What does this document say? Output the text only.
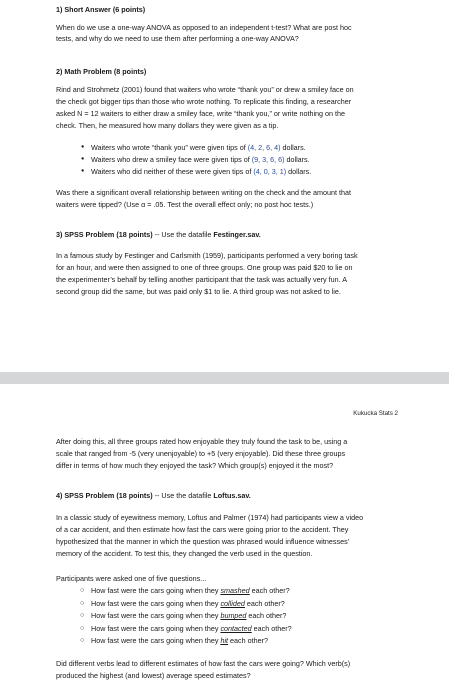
1) Short Answer (6 points)

When do we use a one-way ANOVA as opposed to an independent t-test? What are post hoc

tests, and why do we need to use them after performing a one-way ANOVA?

2) Math Problem (8 points)

Rind and Strohmetz (2001) found that waiters who wrote “thank you” or drew a smiley face on

the check got bigger tips than those who wrote nothing. To replicate this finding, a researcher

asked N = 12 waiters to either draw a smiley face, write “thank you,” or write nothing on the

check. Then, he measured how many dollars they were given as a tip.

● Waiters who wrote “thank you” were given tips of (4, 2, 6, 4) dollars.
● Waiters who drew a smiley face were given tips of (9, 3, 6, 6) dollars.
● Waiters who did neither of these were given tips of (4, 0, 3, 1) dollars.

Was there a significant overall relationship between writing on the check and the amount that

waiters were tipped? (Use α = .05. Test the overall effect only; no post hoc tests.)

3) SPSS Problem (18 points) -- Use the datafile Festinger.sav.

In a famous study by Festinger and Carlsmith (1959), participants performed a very boring task

for an hour, and were then assigned to one of three groups. One group was paid $20 to lie on

the experimenter’s behalf by telling another participant that the task was actually very fun. A

second group did the same, but was paid only $1 to lie. A third group was not asked to lie.

Kukucka Stats 2

After doing this, all three groups rated how enjoyable they truly found the task to be, using a

scale that ranged from -5 (very unenjoyable) to +5 (very enjoyable). Did these three groups

differ in terms of how much they enjoyed the task? Which group(s) enjoyed it the most?

4) SPSS Problem (18 points) -- Use the datafile Loftus.sav.

In a classic study of eyewitness memory, Loftus and Palmer (1974) had participants view a video

of a car accident, and then estimate how fast the cars were going prior to the accident. They

hypothesized that the manner in which the question was phrased would influence witnesses’

memory of the accident. To test this, they changed the verb used in the question.

Participants were asked one of five questions...

○ How fast were the cars going when they smashed each other?
○ How fast were the cars going when they collided each other?
○ How fast were the cars going when they bumped each other?
○ How fast were the cars going when they contacted each other?
○ How fast were the cars going when they hit each other?

Did different verbs lead to different estimates of how fast the cars were going? Which verb(s)

produced the highest (and lowest) average speed estimates?
